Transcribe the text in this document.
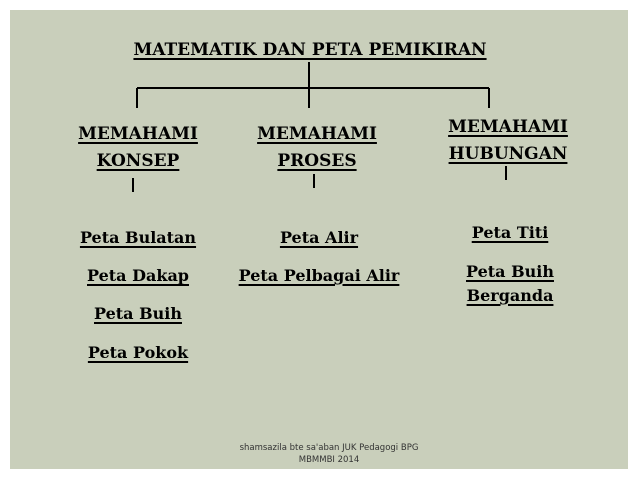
MATEMATIK DAN PETA PEMIKIRAN
MEMAHAMI
KONSEP
MEMAHAMI
PROSES
MEMAHAMI
HUBUNGAN
Peta Bulatan
Peta Dakap
Peta Buih
Peta Pokok
Peta Alir
Peta Pelbagai Alir
Peta Titi
Peta Buih
Berganda
shamsazila bte sa'aban JUK Pedagogi BPG
MBMMBI 2014
